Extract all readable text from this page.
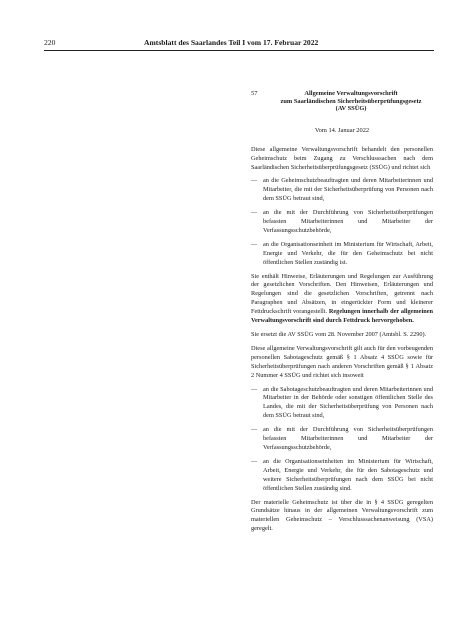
220	Amtsblatt des Saarlandes Teil I vom 17. Februar 2022
57	Allgemeine Verwaltungsvorschrift
zum Saarländischen Sicherheitsüberprüfungsgesetz
(AV SSÜG)
Vom 14. Januar 2022

Diese allgemeine Verwaltungsvorschrift behandelt den personellen Geheimschutz beim Zugang zu Verschlusssachen nach dem Saarländischen Sicherheitsüberprüfungsgesetz (SSÜG) und richtet sich

— an die Geheimschutzbeauftragten und deren Mitarbeiterinnen und Mitarbeiter, die mit der Sicherheitsüberprüfung von Personen nach dem SSÜG betraut sind,
— an die mit der Durchführung von Sicherheitsüberprüfungen befassten Mitarbeiterinnen und Mitarbeiter der Verfassungsschutzbehörde,
— an die Organisationseinheit im Ministerium für Wirtschaft, Arbeit, Energie und Verkehr, die für den Geheimschutz bei nicht öffentlichen Stellen zuständig ist.

Sie enthält Hinweise, Erläuterungen und Regelungen zur Ausführung der gesetzlichen Vorschriften. Den Hinweisen, Erläuterungen und Regelungen sind die gesetzlichen Vorschriften, getrennt nach Paragraphen und Absätzen, in eingerückter Form und kleinerer Fettdruckschrift vorangestellt. Regelungen innerhalb der allgemeinen Verwaltungsvorschrift sind durch Fettdruck hervorgehoben.

Sie ersetzt die AV SSÜG vom 28. November 2007 (Amtsbl. S. 2290).

Diese allgemeine Verwaltungsvorschrift gilt auch für den vorbeugenden personellen Sabotageschutz gemäß § 1 Absatz 4 SSÜG sowie für Sicherheitsüberprüfungen nach anderen Vorschriften gemäß § 1 Absatz 2 Nummer 4 SSÜG und richtet sich insoweit

— an die Sabotageschutzbeauftragten und deren Mitarbeiterinnen und Mitarbeiter in der Behörde oder sonstigen öffentlichen Stelle des Landes, die mit der Sicherheitsüberprüfung von Personen nach dem SSÜG betraut sind,
— an die mit der Durchführung von Sicherheitsüberprüfungen befassten Mitarbeiterinnen und Mitarbeiter der Verfassungsschutzbehörde,
— an die Organisationseinheiten im Ministerium für Wirtschaft, Arbeit, Energie und Verkehr, die für den Sabotageschutz und weitere Sicherheitsüberprüfungen nach dem SSÜG bei nicht öffentlichen Stellen zuständig sind.

Der materielle Geheimschutz ist über die in § 4 SSÜG geregelten Grundsätze hinaus in der allgemeinen Verwaltungsvorschrift zum materiellen Geheimschutz – Verschlusssachenanweisung (VSA) geregelt.
